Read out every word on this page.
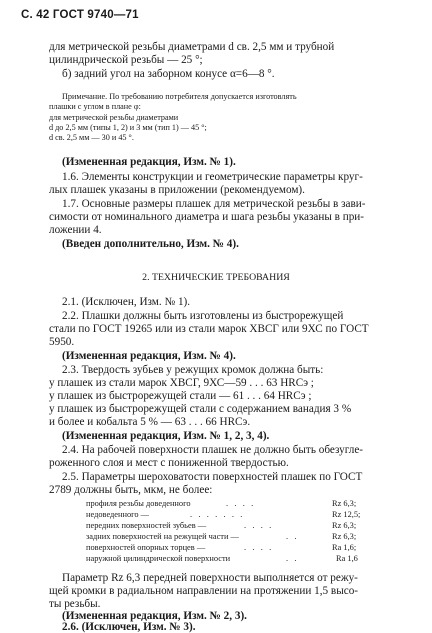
С. 42 ГОСТ 9740—71
для метрической резьбы диаметрами d св. 2,5 мм и трубной
цилиндрической резьбы — 25 °;
б) задний угол на заборном конусе α=6—8 °.
Примечание. По требованию потребителя допускается изготовлять
плашки с углом в плане φ:
для метрической резьбы диаметрами
d до 2,5 мм (типы 1, 2) и 3 мм (тип 1) — 45 °;
d св. 2,5 мм — 30 и 45 °.
(Измененная редакция, Изм. № 1).
1.6. Элементы конструкции и геометрические параметры круг-
лых плашек указаны в приложении (рекомендуемом).
1.7. Основные размеры плашек для метрической резьбы в зави-
симости от номинального диаметра и шага резьбы указаны в при-
ложении 4.
(Введен дополнительно, Изм. № 4).
2. ТЕХНИЧЕСКИЕ ТРЕБОВАНИЯ
2.1. (Исключен, Изм. № 1).
2.2. Плашки должны быть изготовлены из быстрорежущей
стали по ГОСТ 19265 или из стали марок ХВСГ или 9ХС по ГОСТ
5950.
(Измененная редакция, Изм. № 4).
2.3. Твердость зубьев у режущих кромок должна быть:
у плашек из стали марок ХВСГ, 9ХС—59 . . . 63 HRCэ ;
у плашек из быстрорежущей стали — 61 . . . 64 HRCэ ;
у плашек из быстрорежущей стали с содержанием ванадия 3 %
и более и кобальта 5 % — 63 . . . 66 HRCэ.
(Измененная редакция, Изм. № 1, 2, 3, 4).
2.4. На рабочей поверхности плашек не должно быть обезугле-
роженного слоя и мест с пониженной твердостью.
2.5. Параметры шероховатости поверхностей плашек по ГОСТ
2789 должны быть, мкм, не более:
профиля резьбы доведенного	.   .   .   .	Rz 6,3;
недоведенного —	.   .   .   .   .   .   .	Rz 12,5;
передних поверхностей зубьев —	.   .   .   .	Rz 6,3;
задних поверхностей на режущей части —	.   .	Rz 6,3;
поверхностей опорных торцев —	.   .   .   .	Ra 1,6;
наружной цилиндрической поверхности	.   .	Ra 1,6
Параметр Rz 6,3 передней поверхности выполняется от режу-
щей кромки в радиальном направлении на протяжении 1,5 высо-
ты резьбы.
(Измененная редакция, Изм. № 2, 3).
2.6. (Исключен, Изм. № 3).
